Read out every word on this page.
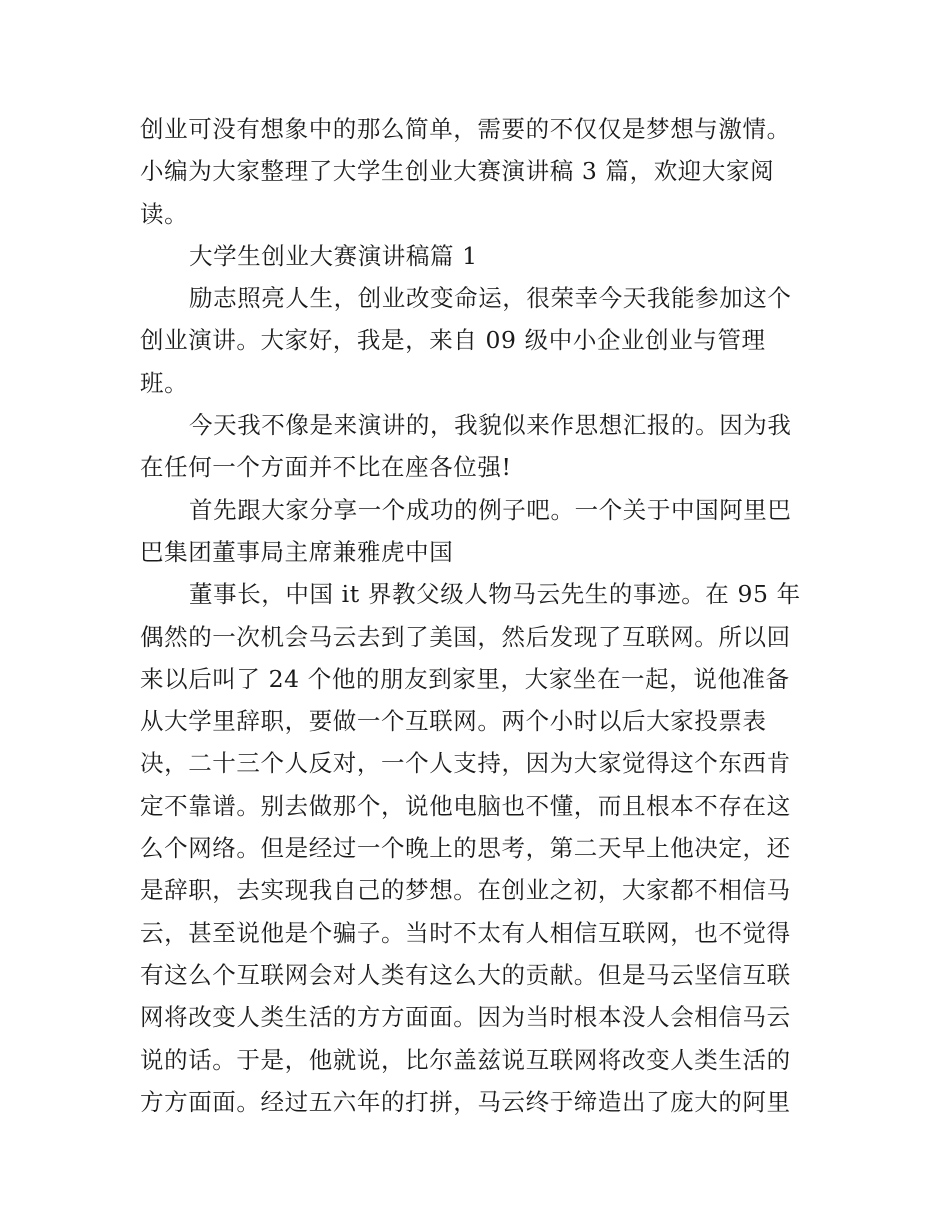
创业可没有想象中的那么简单，需要的不仅仅是梦想与激情。
小编为大家整理了大学生创业大赛演讲稿 3 篇，欢迎大家阅
读。
大学生创业大赛演讲稿篇 1
励志照亮人生，创业改变命运，很荣幸今天我能参加这个
创业演讲。大家好，我是，来自 09 级中小企业创业与管理
班。
今天我不像是来演讲的，我貌似来作思想汇报的。因为我
在任何一个方面并不比在座各位强!
首先跟大家分享一个成功的例子吧。一个关于中国阿里巴
巴集团董事局主席兼雅虎中国
董事长，中国 it 界教父级人物马云先生的事迹。在 95 年
偶然的一次机会马云去到了美国，然后发现了互联网。所以回
来以后叫了 24 个他的朋友到家里，大家坐在一起，说他准备
从大学里辞职，要做一个互联网。两个小时以后大家投票表
决，二十三个人反对，一个人支持，因为大家觉得这个东西肯
定不靠谱。别去做那个，说他电脑也不懂，而且根本不存在这
么个网络。但是经过一个晚上的思考，第二天早上他决定，还
是辞职，去实现我自己的梦想。在创业之初，大家都不相信马
云，甚至说他是个骗子。当时不太有人相信互联网，也不觉得
有这么个互联网会对人类有这么大的贡献。但是马云坚信互联
网将改变人类生活的方方面面。因为当时根本没人会相信马云
说的话。于是，他就说，比尔盖兹说互联网将改变人类生活的
方方面面。经过五六年的打拼，马云终于缔造出了庞大的阿里
